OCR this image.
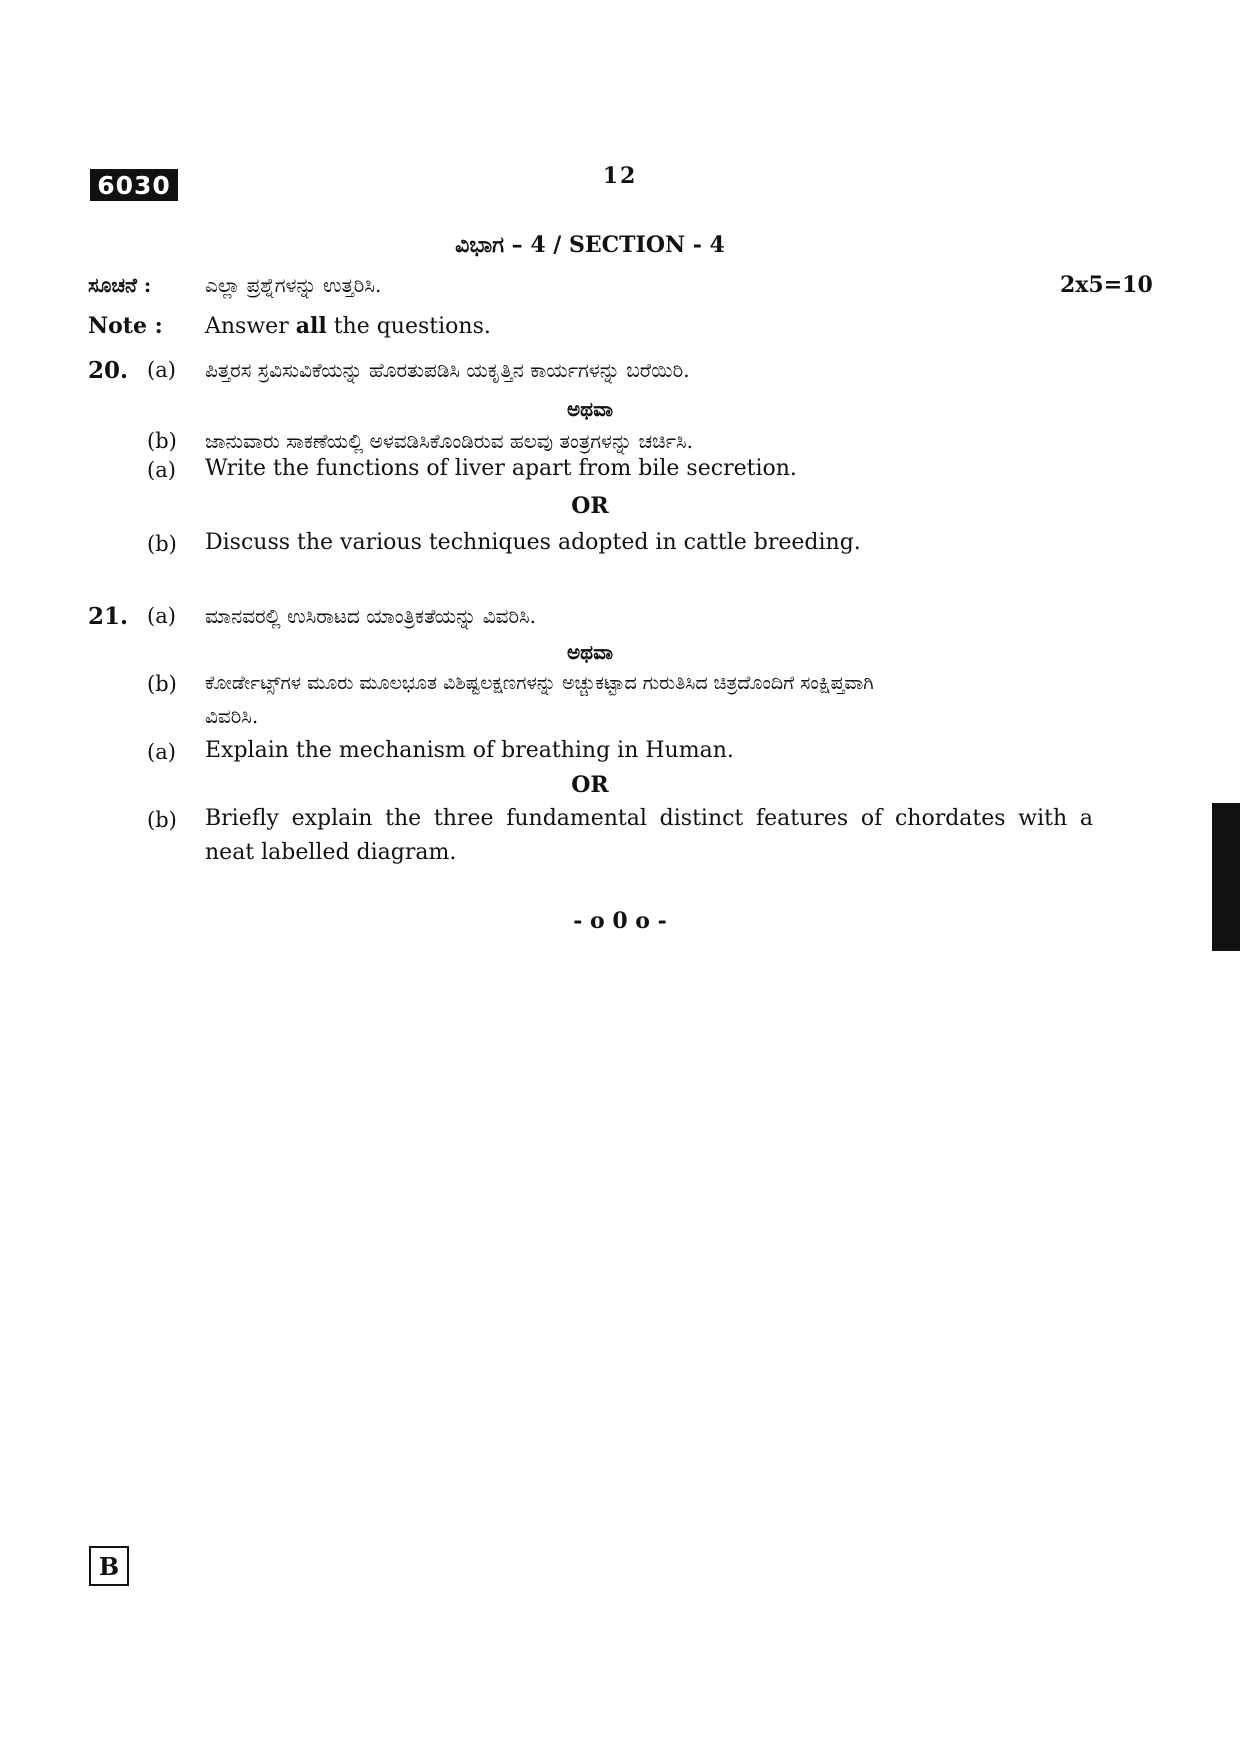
6030	12
ವಿಭಾಗ – 4 / SECTION - 4
ಸೂಚನೆ :	ಎಲ್ಲಾ ಪ್ರಶ್ನೆಗಳನ್ನು ಉತ್ತರಿಸಿ.	2x5=10
Note : Answer all the questions.
20. (a) ಪಿತ್ತರಸ ಸ್ರವಿಸುವಿಕೆಯನ್ನು ಹೊರತುಪಡಿಸಿ ಯಕೃತ್ತಿನ ಕಾರ್ಯಗಳನ್ನು ಬರೆಯಿರಿ.
ಅಥವಾ
(b) ಜಾನುವಾರು ಸಾಕಣೆಯಲ್ಲಿ ಅಳವಡಿಸಿಕೊಂಡಿರುವ ಹಲವು ತಂತ್ರಗಳನ್ನು ಚರ್ಚಿಸಿ.
(a) Write the functions of liver apart from bile secretion.
OR
(b) Discuss the various techniques adopted in cattle breeding.
21. (a) ಮಾನವರಲ್ಲಿ ಉಸಿರಾಟದ ಯಾಂತ್ರಿಕತೆಯನ್ನು ವಿವರಿಸಿ.
ಅಥವಾ
(b) ಕೋರ್ಡೇಟ್ಸ್‌ಗಳ ಮೂರು ಮೂಲಭೂತ ವಿಶಿಷ್ಟಲಕ್ಷಣಗಳನ್ನು ಅಚ್ಚುಕಟ್ಟಾದ ಗುರುತಿಸಿದ ಚಿತ್ರದೊಂದಿಗೆ ಸಂಕ್ಷಿಪ್ತವಾಗಿ
ವಿವರಿಸಿ.
(a) Explain the mechanism of breathing in Human.
OR
(b) Briefly explain the three fundamental distinct features of chordates with a
neat labelled diagram.
- o 0 o -
B
